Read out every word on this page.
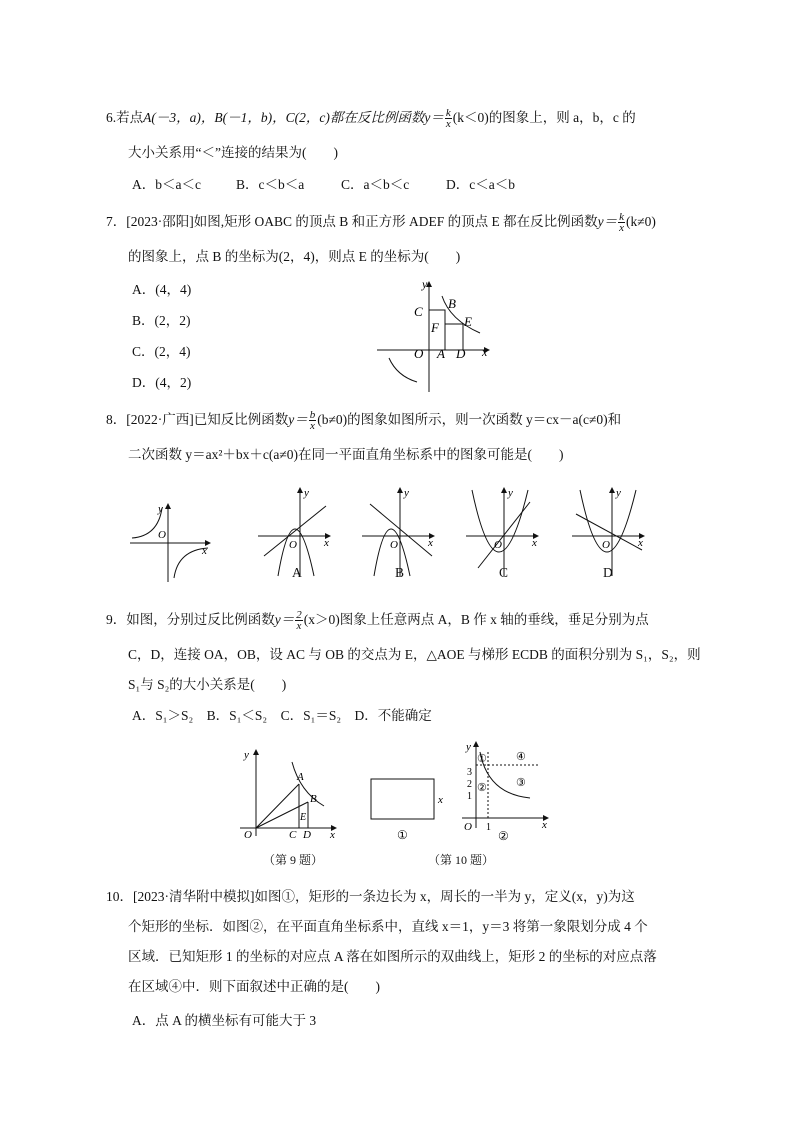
6.若点A(－3，a)，B(－1，b)，C(2，c)都在反比例函数$y= \frac{k}{x} (k<0)$的图象上，则 a，b，c 的
大小关系用“＜”连接的结果为(　　)
A．b＜a＜c	B．c＜b＜a	C．a＜b＜c	D．c＜a＜b
7．[2023·邵阳]如图,矩形 OABC 的顶点 B 和正方形 ADEF 的顶点 E 都在反比例函数$y= \frac{k}{x} (k\ne 0)$
的图象上，点 B 的坐标为(2，4)，则点 E 的坐标为(　　)
A．(4，4)
B．(2，2)
C．(2，4)
D．(4，2)
y
x
O A D
C
B
F E
8．[2022·广西]已知反比例函数$y= \frac{b}{x} (b\ne 0)$的图象如图所示，则一次函数 y＝cx－a(c≠0)和
二次函数 y＝ax²＋bx＋c(a≠0)在同一平面直角坐标系中的图象可能是(　　)
y
x
O
y
x
O
A
y
x
O
B
y
x
O
C
y
x
O
D
9．如图，分别过反比例函数$y= \frac{2}{x} (x>0)$图象上任意两点 A，B 作 x 轴的垂线，垂足分别为点
C，D，连接 OA，OB，设 AC 与 OB 的交点为 E，△AOE 与梯形 ECDB 的面积分别为 S₁，S₂，则
S₁与 S₂的大小关系是(　　)
A．S₁＞S₂　B．S₁＜S₂　C．S₁＝S₂　D．不能确定
y
x
O
A
B
E
C D
（第 9 题）
x
①
y
x
O
3
2
1
1
①
②	③
④
②
（第 10 题）
10．[2023·清华附中模拟]如图①，矩形的一条边长为 x，周长的一半为 y，定义(x，y)为这
个矩形的坐标．如图②，在平面直角坐标系中，直线 x＝1，y＝3 将第一象限划分成 4 个
区域．已知矩形 1 的坐标的对应点 A 落在如图所示的双曲线上，矩形 2 的坐标的对应点落
在区域④中．则下面叙述中正确的是(　　)
A．点 A 的横坐标有可能大于 3
